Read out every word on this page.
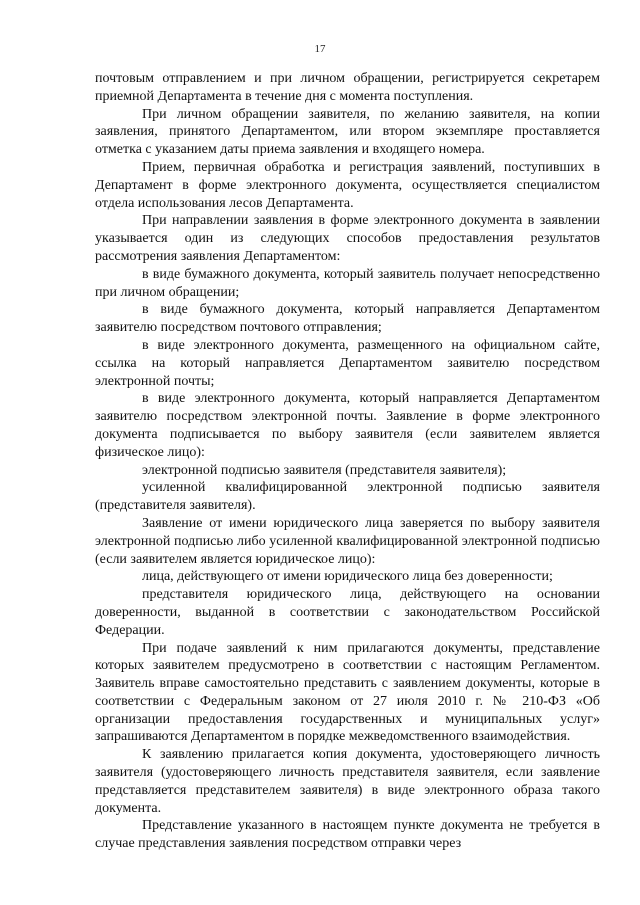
17

почтовым отправлением и при личном обращении, регистрируется секретарем приемной Департамента в течение дня с момента поступления.

При личном обращении заявителя, по желанию заявителя, на копии заявления, принятого Департаментом, или втором экземпляре проставляется отметка с указанием даты приема заявления и входящего номера.

Прием, первичная обработка и регистрация заявлений, поступивших в Департамент в форме электронного документа, осуществляется специалистом отдела использования лесов Департамента.

При направлении заявления в форме электронного документа в заявлении указывается один из следующих способов предоставления результатов рассмотрения заявления Департаментом:

в виде бумажного документа, который заявитель получает непосредственно при личном обращении;

в виде бумажного документа, который направляется Департаментом заявителю посредством почтового отправления;

в виде электронного документа, размещенного на официальном сайте, ссылка на который направляется Департаментом заявителю посредством электронной почты;

в виде электронного документа, который направляется Департаментом заявителю посредством электронной почты. Заявление в форме электронного документа подписывается по выбору заявителя (если заявителем является физическое лицо):

электронной подписью заявителя (представителя заявителя);

усиленной квалифицированной электронной подписью заявителя (представителя заявителя).

Заявление от имени юридического лица заверяется по выбору заявителя электронной подписью либо усиленной квалифицированной электронной подписью (если заявителем является юридическое лицо):

лица, действующего от имени юридического лица без доверенности;

представителя юридического лица, действующего на основании доверенности, выданной в соответствии с законодательством Российской Федерации.

При подаче заявлений к ним прилагаются документы, представление которых заявителем предусмотрено в соответствии с настоящим Регламентом. Заявитель вправе самостоятельно представить с заявлением документы, которые в соответствии с Федеральным законом от 27 июля 2010 г. № 210-ФЗ «Об организации предоставления государственных и муниципальных услуг» запрашиваются Департаментом в порядке межведомственного взаимодействия.

К заявлению прилагается копия документа, удостоверяющего личность заявителя (удостоверяющего личность представителя заявителя, если заявление представляется представителем заявителя) в виде электронного образа такого документа.

Представление указанного в настоящем пункте документа не требуется в случае представления заявления посредством отправки через
